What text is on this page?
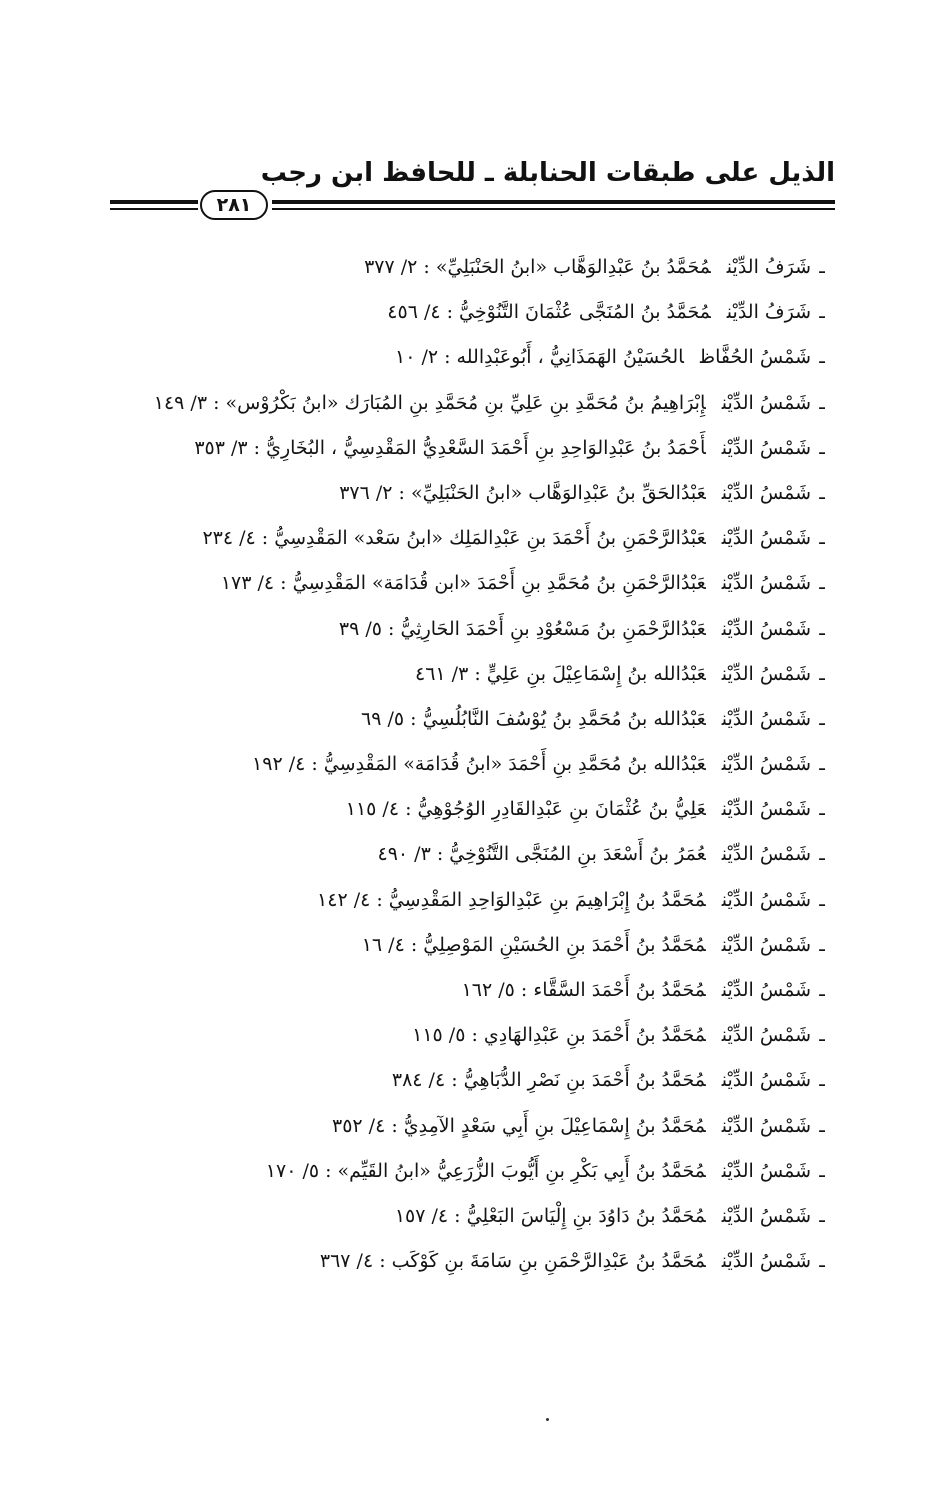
الذيل على طبقات الحنابلة ـ للحافظ ابن رجب
٢٨١
ـشَرَفُ الدِّيْنمُحَمَّدُ بنُ عَبْدِالوَهَّاب «ابنُ الحَنْبَلِيِّ» : ٢/ ٣٧٧
ـشَرَفُ الدِّيْنمُحَمَّدُ بنُ المُنَجَّى عُثْمَانَ التَّنُوْخِيُّ : ٤/ ٤٥٦
ـشَمْسُ الحُفَّاظالحُسَيْنُ الهَمَذَانِيُّ ، أَبُوعَبْدِالله : ٢/ ١٠
ـشَمْسُ الدِّيْنإِبْرَاهِيمُ بنُ مُحَمَّدِ بنِ عَلِيِّ بنِ مُحَمَّدِ بنِ المُبَارَك «ابنُ بَكْرُوْس» : ٣/ ١٤٩
ـشَمْسُ الدِّيْنأَحْمَدُ بنُ عَبْدِالوَاحِدِ بنِ أَحْمَدَ السَّعْدِيُّ المَقْدِسِيُّ ، البُخَارِيُّ : ٣/ ٣٥٣
ـشَمْسُ الدِّيْنعَبْدُالحَقِّ بنُ عَبْدِالوَهَّاب «ابنُ الحَنْبَلِيِّ» : ٢/ ٣٧٦
ـشَمْسُ الدِّيْنعَبْدُالرَّحْمَنِ بنُ أَحْمَدَ بنِ عَبْدِالمَلِك «ابنُ سَعْد» المَقْدِسِيُّ : ٤/ ٢٣٤
ـشَمْسُ الدِّيْنعَبْدُالرَّحْمَنِ بنُ مُحَمَّدِ بنِ أَحْمَدَ «ابن قُدَامَة» المَقْدِسِيُّ : ٤/ ١٧٣
ـشَمْسُ الدِّيْنعَبْدُالرَّحْمَنِ بنُ مَسْعُوْدِ بنِ أَحْمَدَ الحَارِثِيُّ : ٥/ ٣٩
ـشَمْسُ الدِّيْنعَبْدُالله بنُ إِسْمَاعِيْلَ بنِ عَلِيٍّ : ٣/ ٤٦١
ـشَمْسُ الدِّيْنعَبْدُالله بنُ مُحَمَّدِ بنُ يُوْسُفَ النَّابُلُسِيُّ : ٥/ ٦٩
ـشَمْسُ الدِّيْنعَبْدُالله بنُ مُحَمَّدِ بنِ أَحْمَدَ «ابنُ قُدَامَة» المَقْدِسِيُّ : ٤/ ١٩٢
ـشَمْسُ الدِّيْنعَلِيُّ بنُ عُثْمَانَ بنِ عَبْدِالقَادِرِ الوُجُوْهِيُّ : ٤/ ١١٥
ـشَمْسُ الدِّيْنعُمَرُ بنُ أَسْعَدَ بنِ المُنَجَّى التَّنُوْخِيُّ : ٣/ ٤٩٠
ـشَمْسُ الدِّيْنمُحَمَّدُ بنُ إِبْرَاهِيمَ بنِ عَبْدِالوَاحِدِ المَقْدِسِيُّ : ٤/ ١٤٢
ـشَمْسُ الدِّيْنمُحَمَّدُ بنُ أَحْمَدَ بنِ الحُسَيْنِ المَوْصِلِيُّ : ٤/ ١٦
ـشَمْسُ الدِّيْنمُحَمَّدُ بنُ أَحْمَدَ السَّقَّاء : ٥/ ١٦٢
ـشَمْسُ الدِّيْنمُحَمَّدُ بنُ أَحْمَدَ بنِ عَبْدِالهَادِي : ٥/ ١١٥
ـشَمْسُ الدِّيْنمُحَمَّدُ بنُ أَحْمَدَ بنِ نَصْرِ الدُّبَاهِيُّ : ٤/ ٣٨٤
ـشَمْسُ الدِّيْنمُحَمَّدُ بنُ إِسْمَاعِيْلَ بنِ أَبِي سَعْدٍ الآمِدِيُّ : ٤/ ٣٥٢
ـشَمْسُ الدِّيْنمُحَمَّدُ بنُ أَبِي بَكْرِ بنِ أَيُّوبَ الزُّرَعِيُّ «ابنُ القَيِّم» : ٥/ ١٧٠
ـشَمْسُ الدِّيْنمُحَمَّدُ بنُ دَاوُدَ بنِ إِلْيَاسَ البَعْلِيُّ : ٤/ ١٥٧
ـشَمْسُ الدِّيْنمُحَمَّدُ بنُ عَبْدِالرَّحْمَنِ بنِ سَامَةَ بنِ كَوْكَب : ٤/ ٣٦٧
